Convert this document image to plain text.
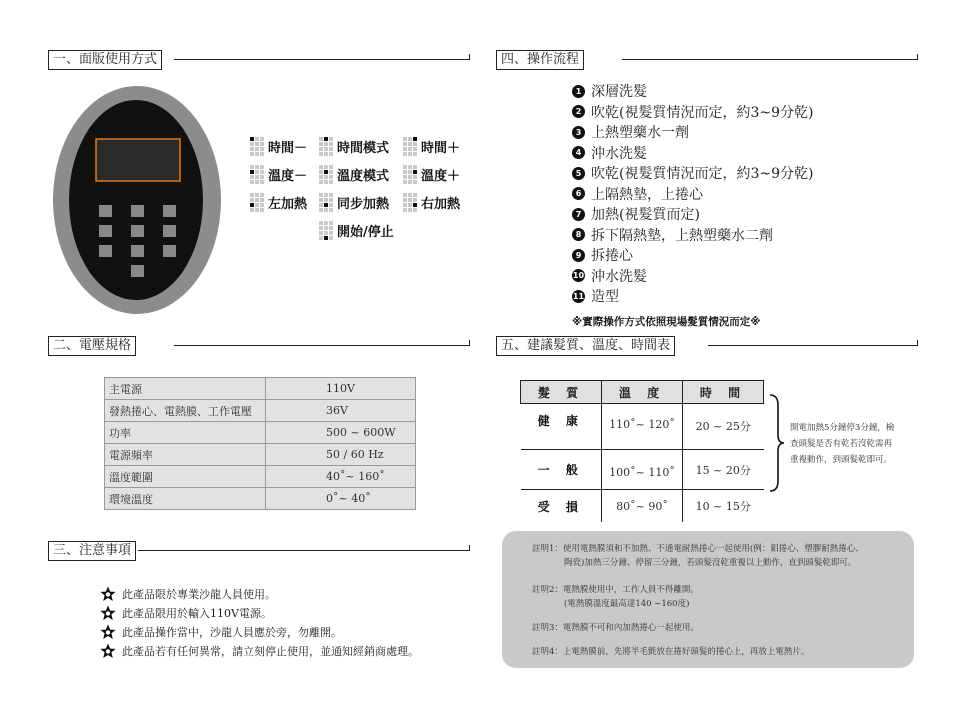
一、面版使用方式
二、電壓規格
三、注意事項
四、操作流程
五、建議髮質、溫度、時間表
時間－ 時間模式 時間＋
溫度－ 溫度模式 溫度＋
左加熱 同步加熱 右加熱
開始/停止
1 深層洗髮
2 吹乾(視髮質情況而定，約3~9分乾)
3 上熱塑藥水一劑
4 沖水洗髮
5 吹乾(視髮質情況而定，約3~9分乾)
6 上隔熱墊，上捲心
7 加熱(視髮質而定)
8 拆下隔熱墊，上熱塑藥水二劑
9 拆捲心
10 沖水洗髮
11 造型
※實際操作方式依照現場髮質情況而定※
主電源	110V
發熱捲心、電熱膜、工作電壓	36V
功率	500 ~ 600W
電源頻率	50 / 60 Hz
溫度範圍	40˚~ 160˚
環境溫度	0˚~ 40˚
髮 質	溫 度	時 間
健 康	110˚~ 120˚	20 ~ 25分
一 般	100˚~ 110˚	15 ~ 20分
受 損	80˚~ 90˚	10 ~ 15分
開電加熱5分鐘停3分鐘，檢
查頭髮是否有乾若沒乾需再
重複動作，到頭髮乾即可。
此產品限於專業沙龍人員使用。
此產品限用於輸入110V電源。
此產品操作當中，沙龍人員應於旁，勿離開。
此產品若有任何異常，請立刻停止使用，並通知經銷商處理。
註明1：使用電熱膜須和不加熱、不通電耐熱捲心一起使用(例：鋁捲心、塑膠耐熱捲心、
陶瓷)加熱三分鐘、停留三分鐘，若頭髮沒乾重複以上動作，直到頭髮乾即可。
註明2：電熱膜使用中，工作人員不得離開。
(電熱膜溫度最高達140 ~160度)
註明3：電熱膜不可和內加熱捲心一起使用。
註明4：上電熱膜前，先將半毛氈放在捲好頭髮的捲心上，再放上電熱片。
